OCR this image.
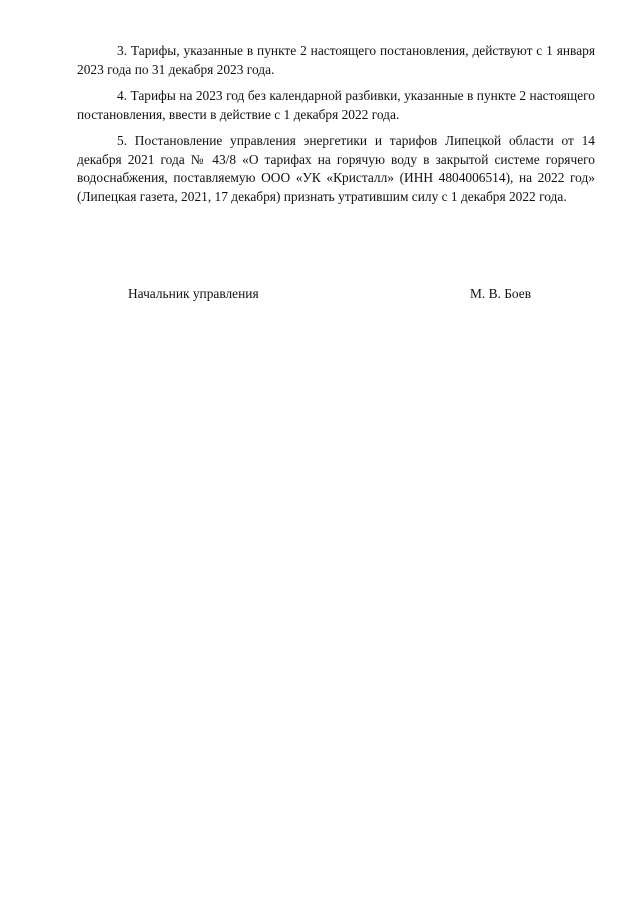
3. Тарифы, указанные в пункте 2 настоящего постановления, действуют с 1 января 2023 года по 31 декабря 2023 года.

4. Тарифы на 2023 год без календарной разбивки, указанные в пункте 2 настоящего постановления, ввести в действие с 1 декабря 2022 года.

5. Постановление управления энергетики и тарифов Липецкой области от 14 декабря 2021 года № 43/8 «О тарифах на горячую воду в закрытой системе горячего водоснабжения, поставляемую ООО «УК «Кристалл» (ИНН 4804006514), на 2022 год» (Липецкая газета, 2021, 17 декабря) признать утратившим силу с 1 декабря 2022 года.

Начальник управления	М. В. Боев
